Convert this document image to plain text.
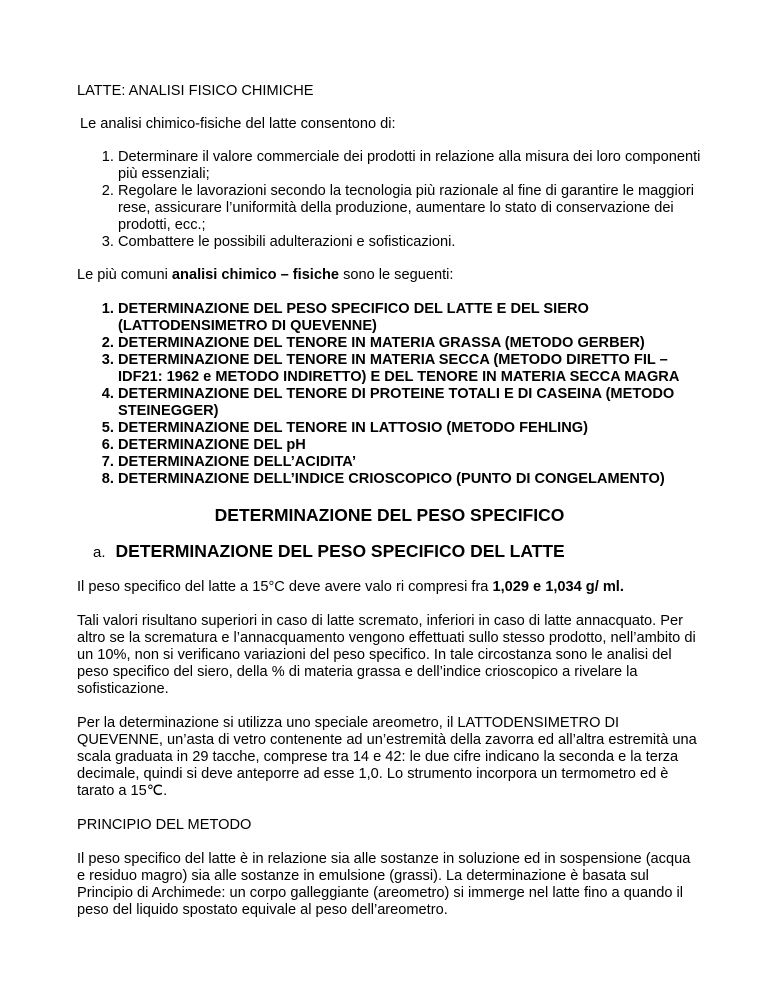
LATTE: ANALISI FISICO CHIMICHE

Le analisi chimico-fisiche del latte consentono di:

1. Determinare il valore commerciale dei prodotti in relazione alla misura dei loro componenti più essenziali;
2. Regolare le lavorazioni secondo la tecnologia più razionale al fine di garantire le maggiori rese, assicurare l’uniformità della produzione, aumentare lo stato di conservazione dei prodotti, ecc.;
3. Combattere le possibili adulterazioni e sofisticazioni.

Le più comuni analisi chimico – fisiche sono le seguenti:

1. DETERMINAZIONE DEL PESO SPECIFICO DEL LATTE E DEL SIERO (LATTODENSIMETRO DI QUEVENNE)
2. DETERMINAZIONE DEL TENORE IN MATERIA GRASSA (METODO GERBER)
3. DETERMINAZIONE DEL TENORE IN MATERIA SECCA (METODO DIRETTO FIL – IDF21: 1962 e METODO INDIRETTO) E DEL TENORE IN MATERIA SECCA MAGRA
4. DETERMINAZIONE DEL TENORE DI PROTEINE TOTALI E DI CASEINA (METODO STEINEGGER)
5. DETERMINAZIONE DEL TENORE IN LATTOSIO (METODO FEHLING)
6. DETERMINAZIONE DEL pH
7. DETERMINAZIONE DELL’ACIDITA’
8. DETERMINAZIONE DELL’INDICE CRIOSCOPICO (PUNTO DI CONGELAMENTO)

DETERMINAZIONE DEL PESO SPECIFICO

a. DETERMINAZIONE DEL PESO SPECIFICO DEL LATTE

Il peso specifico del latte a 15°C deve avere valo ri compresi fra 1,029 e 1,034 g/ ml.

Tali valori risultano superiori in caso di latte scremato, inferiori in caso di latte annacquato. Per altro se la scrematura e l’annacquamento vengono effettuati sullo stesso prodotto, nell’ambito di un 10%, non si verificano variazioni del peso specifico. In tale circostanza sono le analisi del peso specifico del siero, della % di materia grassa e dell’indice crioscopico a rivelare la sofisticazione.

Per la determinazione si utilizza uno speciale areometro, il LATTODENSIMETRO DI QUEVENNE, un’asta di vetro contenente ad un’estremità della zavorra ed all’altra estremità una scala graduata in 29 tacche, comprese tra 14 e 42: le due cifre indicano la seconda e la terza decimale, quindi si deve anteporre ad esse 1,0. Lo strumento incorpora un termometro ed è tarato a 15℃.

PRINCIPIO DEL METODO

Il peso specifico del latte è in relazione sia alle sostanze in soluzione ed in sospensione (acqua e residuo magro) sia alle sostanze in emulsione (grassi). La determinazione è basata sul Principio di Archimede: un corpo galleggiante (areometro) si immerge nel latte fino a quando il peso del liquido spostato equivale al peso dell’areometro.
